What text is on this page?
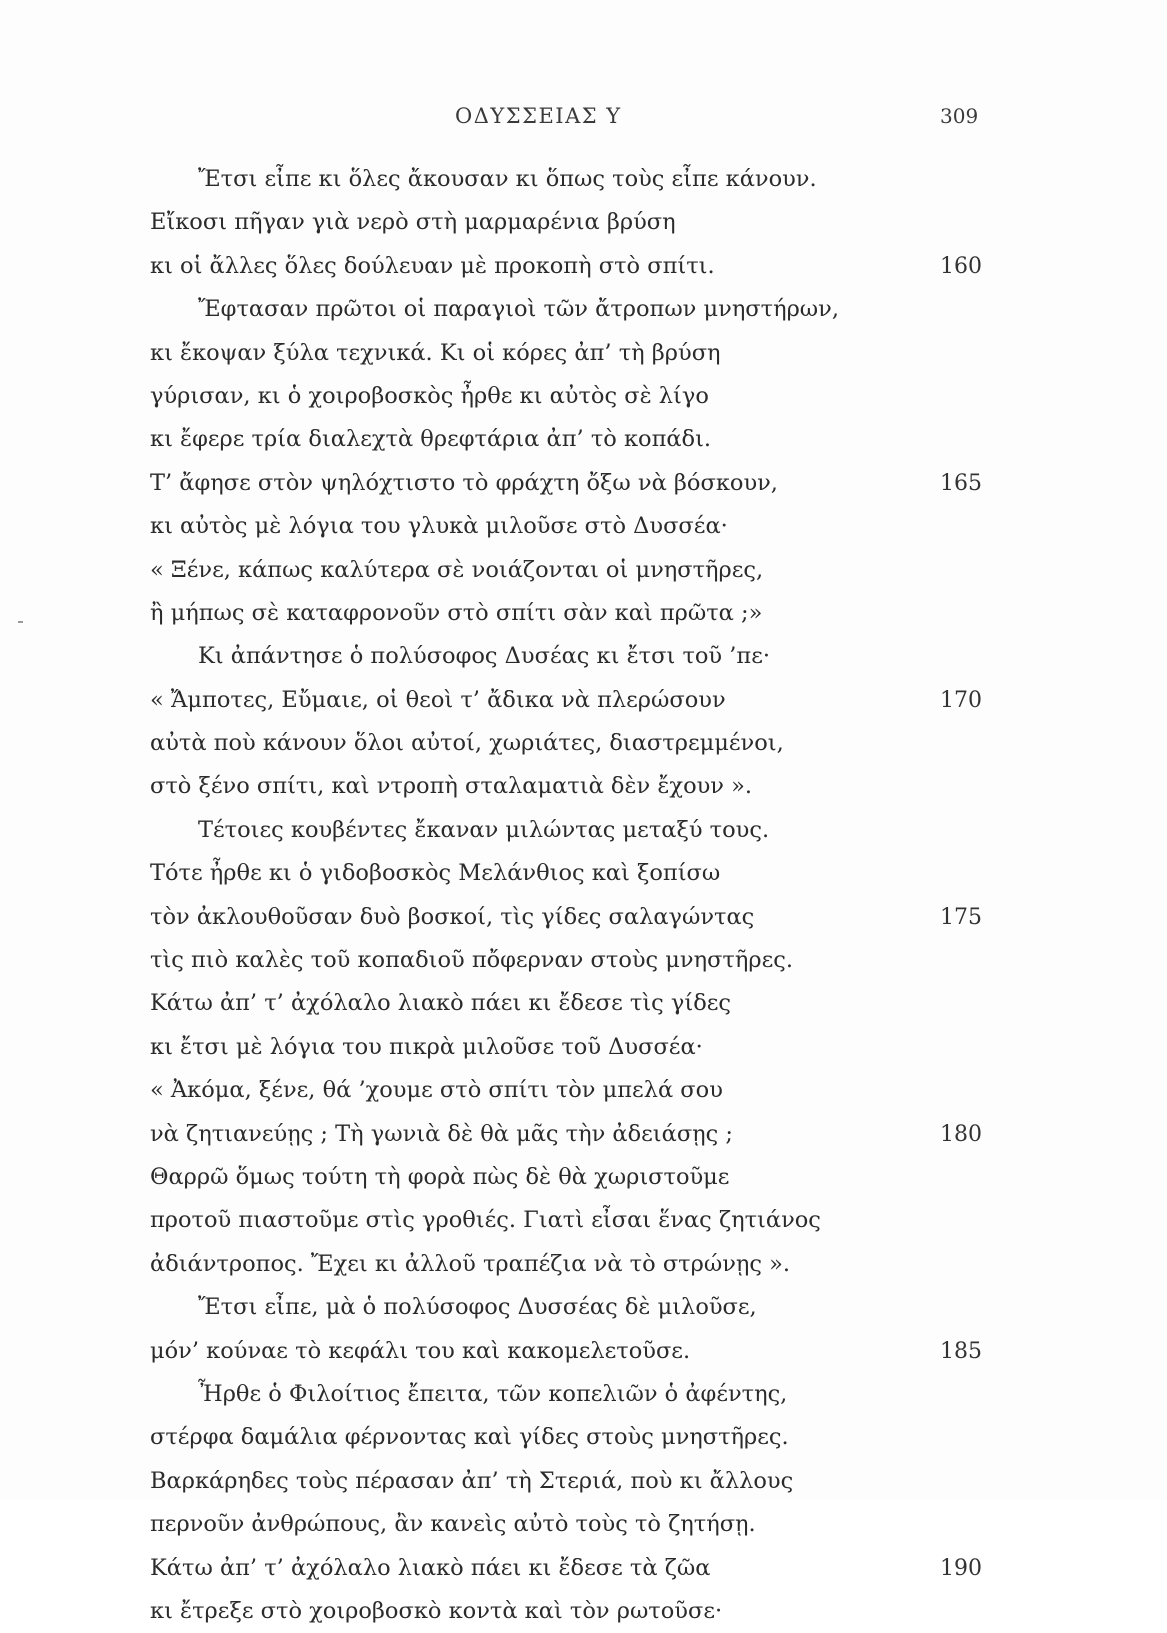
ΟΔΥΣΣΕΙΑΣ Υ	309
Ἔτσι εἶπε κι ὅλες ἄκουσαν κι ὅπως τοὺς εἶπε κάνουν.
Εἴκοσι πῆγαν γιὰ νερὸ στὴ μαρμαρένια βρύση
κι οἱ ἄλλες ὅλες δούλευαν μὲ προκοπὴ στὸ σπίτι.	160
Ἔφτασαν πρῶτοι οἱ παραγιοὶ τῶν ἄτροπων μνηστήρων,
κι ἔκοψαν ξύλα τεχνικά. Κι οἱ κόρες ἀπ’ τὴ βρύση
γύρισαν, κι ὁ χοιροβοσκὸς ἦρθε κι αὐτὸς σὲ λίγο
κι ἔφερε τρία διαλεχτὰ θρεφτάρια ἀπ’ τὸ κοπάδι.
Τ’ ἄφησε στὸν ψηλόχτιστο τὸ φράχτη ὄξω νὰ βόσκουν,	165
κι αὐτὸς μὲ λόγια του γλυκὰ μιλοῦσε στὸ Δυσσέα·
« Ξένε, κάπως καλύτερα σὲ νοιάζονται οἱ μνηστῆρες,
ἢ μήπως σὲ καταφρονοῦν στὸ σπίτι σὰν καὶ πρῶτα ;»
Κι ἀπάντησε ὁ πολύσοφος Δυσέας κι ἔτσι τοῦ ’πε·
« Ἄμποτες, Εὔμαιε, οἱ θεοὶ τ’ ἄδικα νὰ πλερώσουν	170
αὐτὰ ποὺ κάνουν ὅλοι αὐτοί, χωριάτες, διαστρεμμένοι,
στὸ ξένο σπίτι, καὶ ντροπὴ σταλαματιὰ δὲν ἔχουν ».
Τέτοιες κουβέντες ἔκαναν μιλώντας μεταξύ τους.
Τότε ἦρθε κι ὁ γιδοβοσκὸς Μελάνθιος καὶ ξοπίσω
τὸν ἀκλουθοῦσαν δυὸ βοσκοί, τὶς γίδες σαλαγώντας	175
τὶς πιὸ καλὲς τοῦ κοπαδιοῦ πὄφερναν στοὺς μνηστῆρες.
Κάτω ἀπ’ τ’ ἀχόλαλο λιακὸ πάει κι ἔδεσε τὶς γίδες
κι ἔτσι μὲ λόγια του πικρὰ μιλοῦσε τοῦ Δυσσέα·
« Ἀκόμα, ξένε, θά ’χουμε στὸ σπίτι τὸν μπελά σου
νὰ ζητιανεύῃς ; Τὴ γωνιὰ δὲ θὰ μᾶς τὴν ἀδειάσῃς ;	180
Θαρρῶ ὅμως τούτη τὴ φορὰ πὼς δὲ θὰ χωριστοῦμε
προτοῦ πιαστοῦμε στὶς γροθιές. Γιατὶ εἶσαι ἕνας ζητιάνος
ἀδιάντροπος. Ἔχει κι ἀλλοῦ τραπέζια νὰ τὸ στρώνῃς ».
Ἔτσι εἶπε, μὰ ὁ πολύσοφος Δυσσέας δὲ μιλοῦσε,
μόν’ κούναε τὸ κεφάλι του καὶ κακομελετοῦσε.	185
Ἦρθε ὁ Φιλοίτιος ἔπειτα, τῶν κοπελιῶν ὁ ἀφέντης,
στέρφα δαμάλια φέρνοντας καὶ γίδες στοὺς μνηστῆρες.
Βαρκάρηδες τοὺς πέρασαν ἀπ’ τὴ Στεριά, ποὺ κι ἄλλους
περνοῦν ἀνθρώπους, ἂν κανεὶς αὐτὸ τοὺς τὸ ζητήσῃ.
Κάτω ἀπ’ τ’ ἀχόλαλο λιακὸ πάει κι ἔδεσε τὰ ζῶα	190
κι ἔτρεξε στὸ χοιροβοσκὸ κοντὰ καὶ τὸν ρωτοῦσε·
